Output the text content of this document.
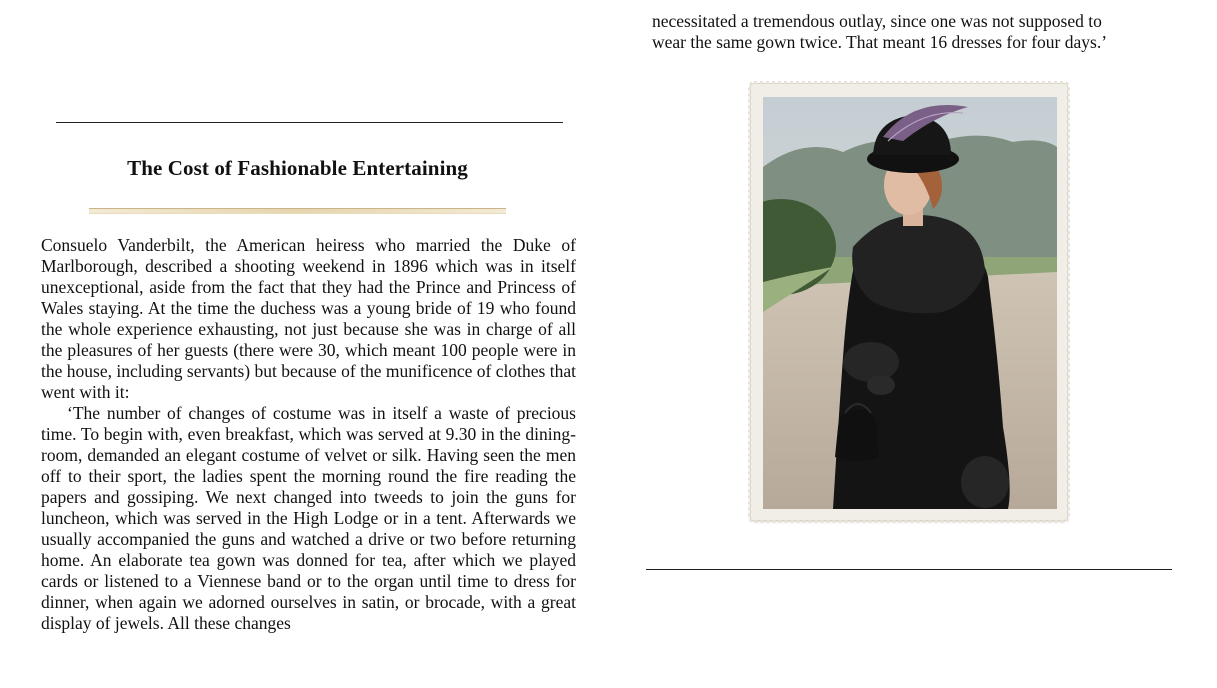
necessitated a tremendous outlay, since one was not supposed to
wear the same gown twice. That meant 16 dresses for four days.’
The Cost of Fashionable Entertaining

Consuelo Vanderbilt, the American heiress who married the Duke of Marlborough, described a shooting weekend in 1896 which was in itself unexceptional, aside from the fact that they had the Prince and Princess of Wales staying. At the time the duchess was a young bride of 19 who found the whole experience exhausting, not just because she was in charge of all the pleasures of her guests (there were 30, which meant 100 people were in the house, including servants) but because of the munificence of clothes that went with it:

‘The number of changes of costume was in itself a waste of precious time. To begin with, even breakfast, which was served at 9.30 in the dining-room, demanded an elegant costume of velvet or silk. Having seen the men off to their sport, the ladies spent the morning round the fire reading the papers and gossiping. We next changed into tweeds to join the guns for luncheon, which was served in the High Lodge or in a tent. Afterwards we usually accompanied the guns and watched a drive or two before returning home. An elaborate tea gown was donned for tea, after which we played cards or listened to a Viennese band or to the organ until time to dress for dinner, when again we adorned ourselves in satin, or brocade, with a great display of jewels. All these changes
